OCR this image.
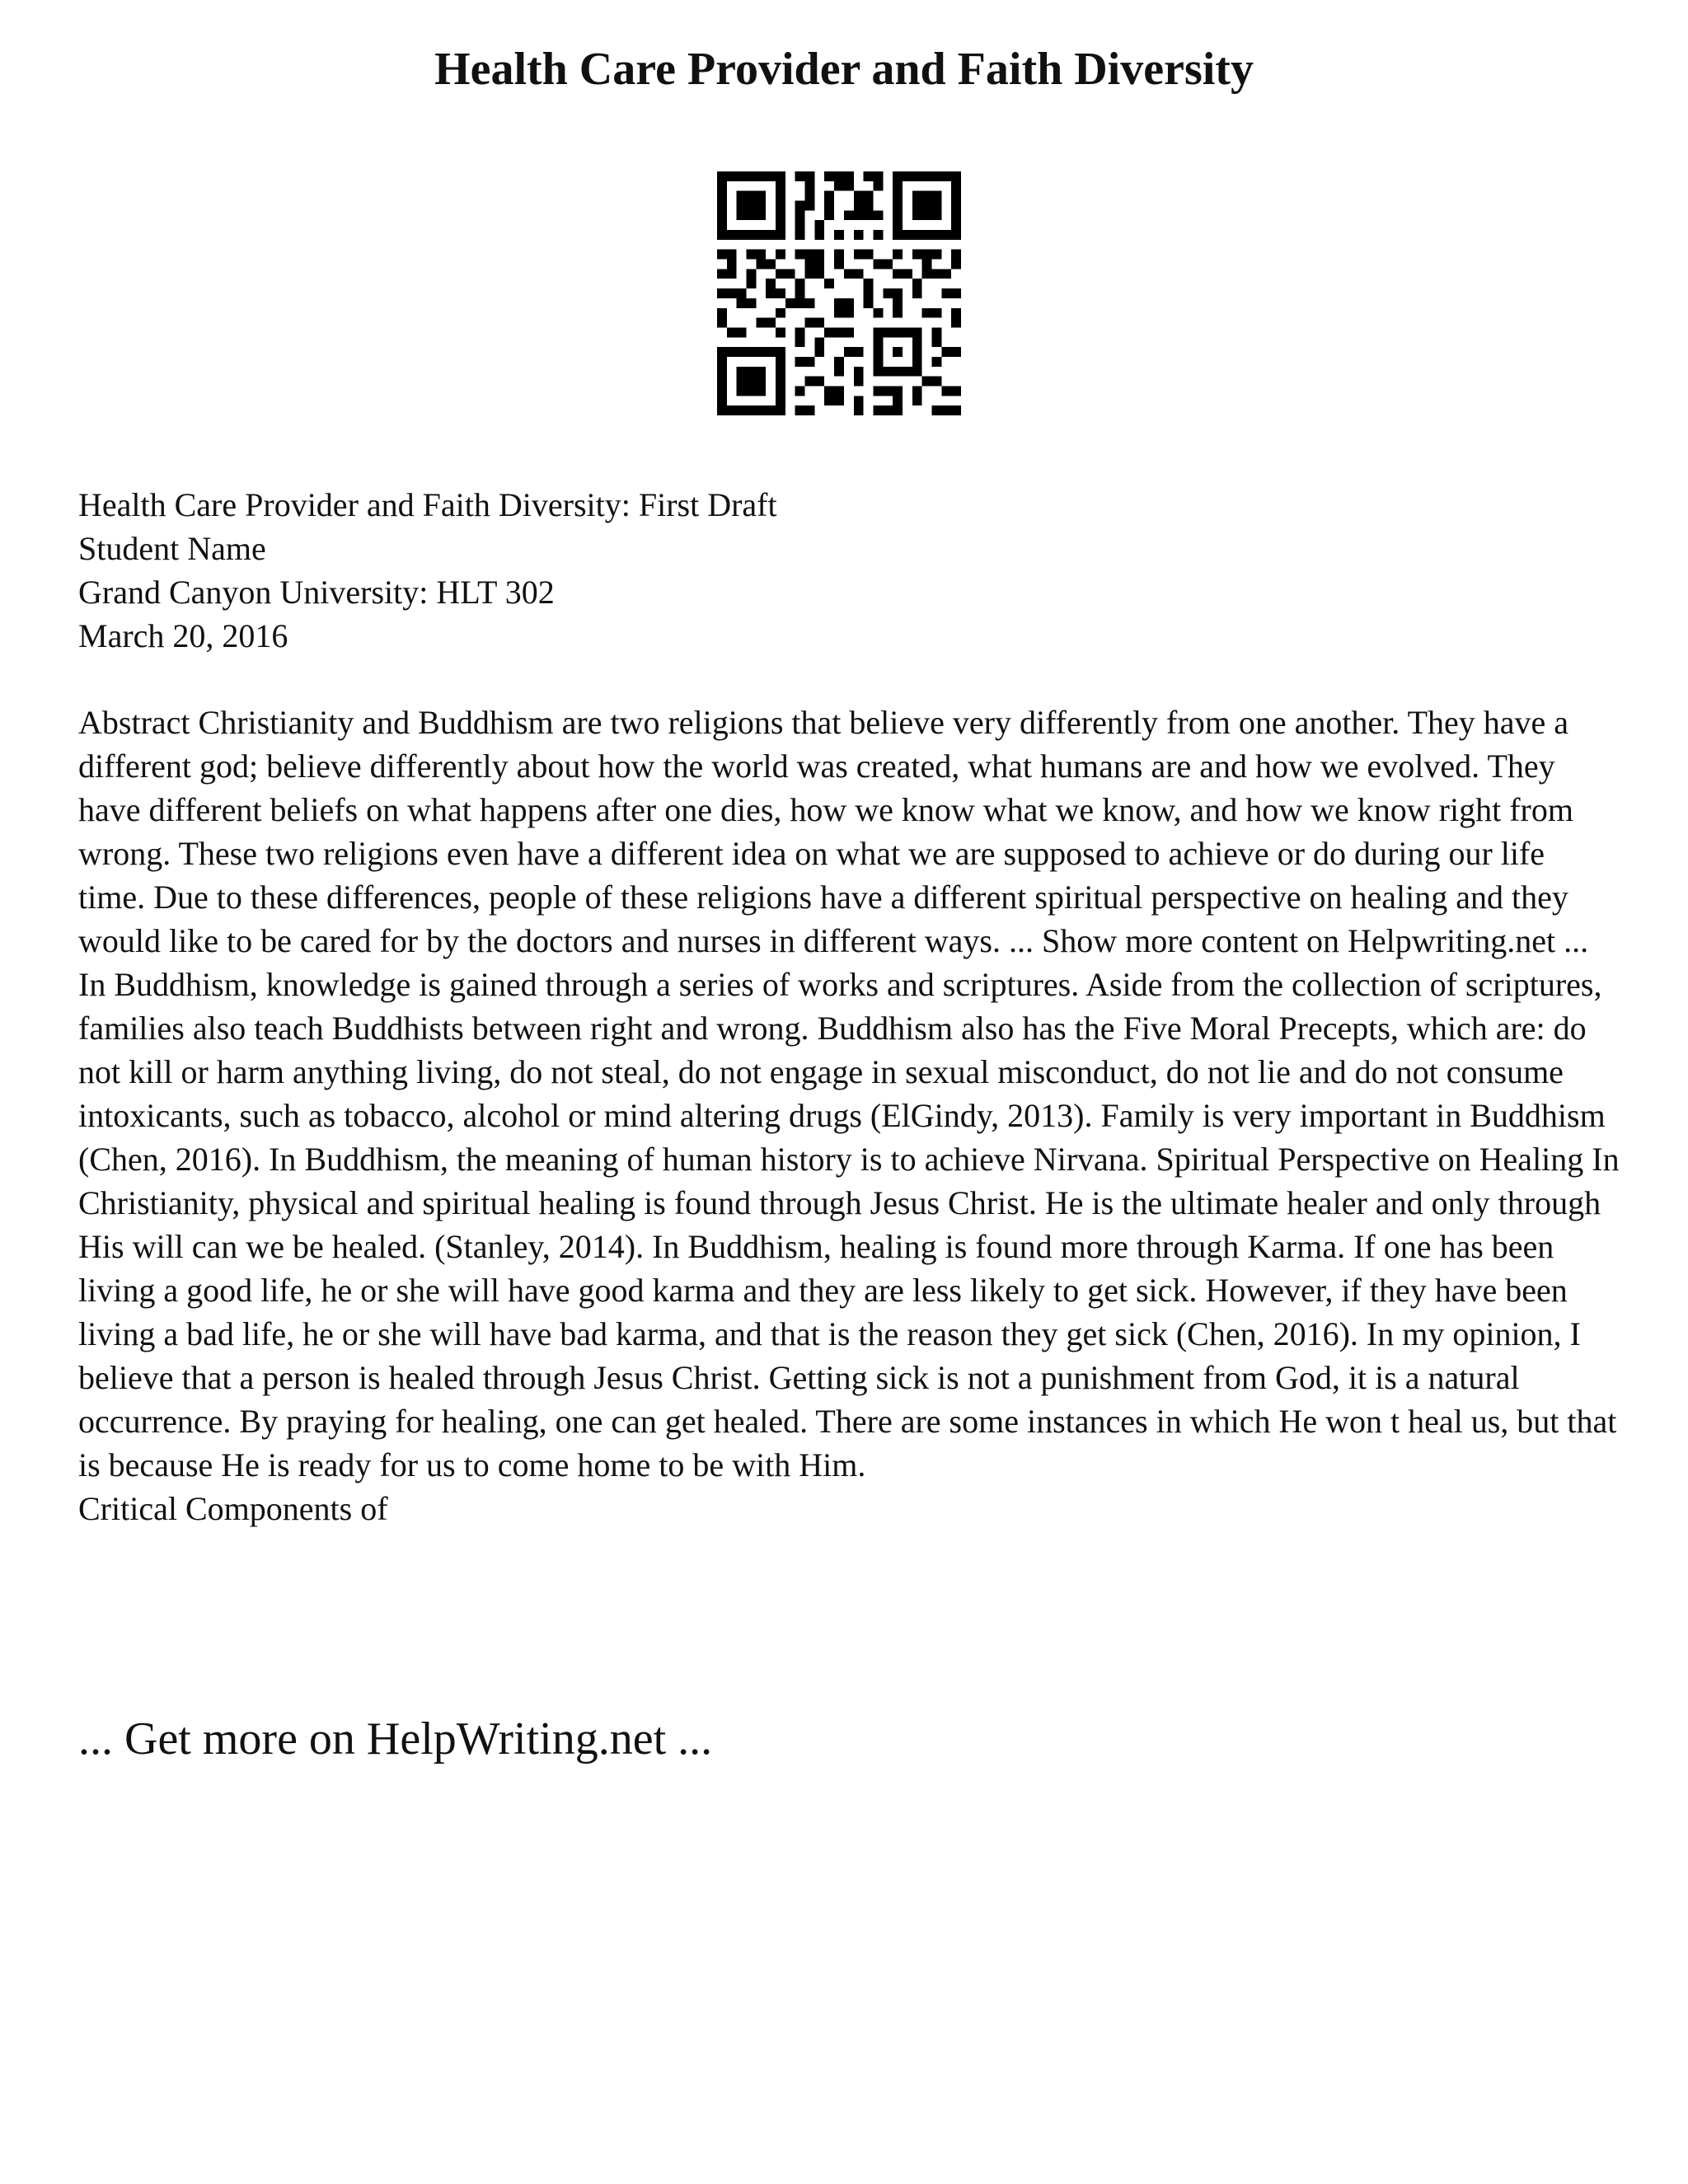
Health Care Provider and Faith Diversity
Health Care Provider and Faith Diversity: First Draft
Student Name
Grand Canyon University: HLT 302
March 20, 2016

Abstract Christianity and Buddhism are two religions that believe very differently from one another. They have a different god; believe differently about how the world was created, what humans are and how we evolved. They have different beliefs on what happens after one dies, how we know what we know, and how we know right from wrong. These two religions even have a different idea on what we are supposed to achieve or do during our life time. Due to these differences, people of these religions have a different spiritual perspective on healing and they would like to be cared for by the doctors and nurses in different ways. ... Show more content on Helpwriting.net ...

In Buddhism, knowledge is gained through a series of works and scriptures. Aside from the collection of scriptures, families also teach Buddhists between right and wrong. Buddhism also has the Five Moral Precepts, which are: do not kill or harm anything living, do not steal, do not engage in sexual misconduct, do not lie and do not consume intoxicants, such as tobacco, alcohol or mind altering drugs (ElGindy, 2013). Family is very important in Buddhism (Chen, 2016). In Buddhism, the meaning of human history is to achieve Nirvana. Spiritual Perspective on Healing In Christianity, physical and spiritual healing is found through Jesus Christ. He is the ultimate healer and only through His will can we be healed. (Stanley, 2014). In Buddhism, healing is found more through Karma. If one has been living a good life, he or she will have good karma and they are less likely to get sick. However, if they have been living a bad life, he or she will have bad karma, and that is the reason they get sick (Chen, 2016). In my opinion, I believe that a person is healed through Jesus Christ. Getting sick is not a punishment from God, it is a natural occurrence. By praying for healing, one can get healed. There are some instances in which He won t heal us, but that is because He is ready for us to come home to be with Him.

Critical Components of

... Get more on HelpWriting.net ...
